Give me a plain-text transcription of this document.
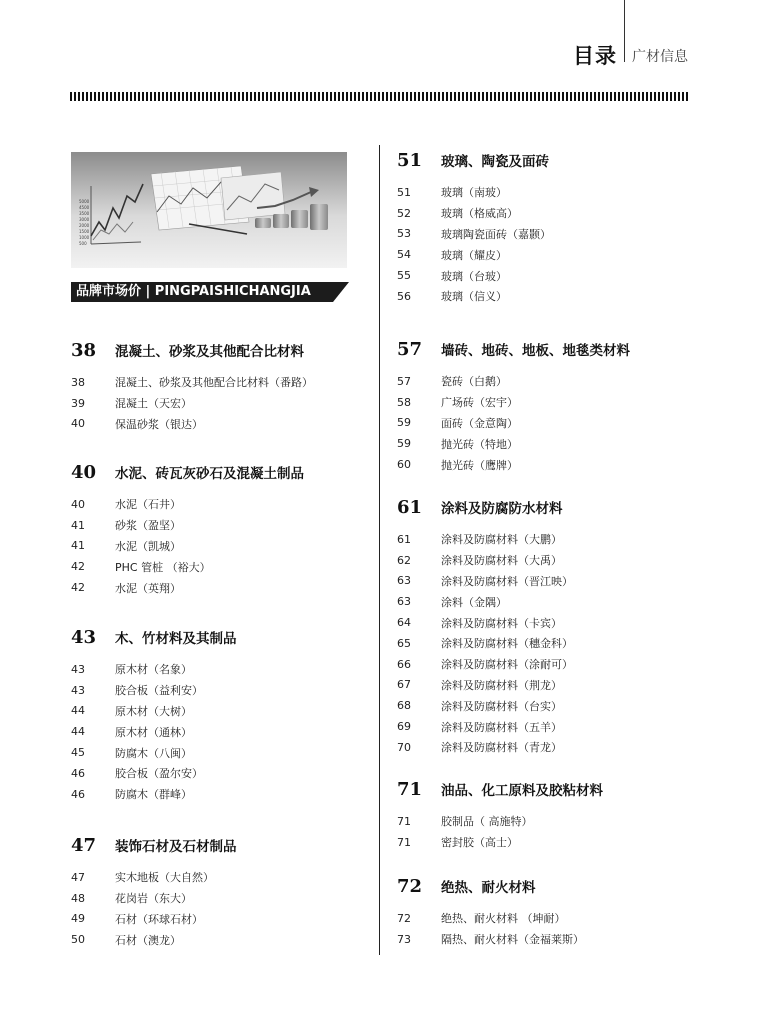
目录 广材信息
5000
4500
3500
3000
2000
1500
1000
500
品牌市场价 | PINGPAISHICHANGJIA
38	混凝土、砂浆及其他配合比材料
38	混凝土、砂浆及其他配合比材料（番路）
39	混凝土（天宏）
40	保温砂浆（银达）
40	水泥、砖瓦灰砂石及混凝土制品
40	水泥（石井）
41	砂浆（盈坚）
41	水泥（凯城）
42	PHC 管桩 （裕大）
42	水泥（英翔）
43	木、竹材料及其制品
43	原木材（名象）
43	胶合板（益利安）
44	原木材（大树）
44	原木材（通林）
45	防腐木（八闽）
46	胶合板（盈尔安）
46	防腐木（群峰）
47	装饰石材及石材制品
47	实木地板（大自然）
48	花岗岩（东大）
49	石材（环球石材）
50	石材（澳龙）
51	玻璃、陶瓷及面砖
51	玻璃（南玻）
52	玻璃（格威高）
53	玻璃陶瓷面砖（嘉颢）
54	玻璃（耀皮）
55	玻璃（台玻）
56	玻璃（信义）
57	墙砖、地砖、地板、地毯类材料
57	瓷砖（白鹅）
58	广场砖（宏宇）
59	面砖（金意陶）
59	抛光砖（特地）
60	抛光砖（鹰牌）
61	涂料及防腐防水材料
61	涂料及防腐材料（大鹏）
62	涂料及防腐材料（大禹）
63	涂料及防腐材料（晋江映）
63	涂料（金隅）
64	涂料及防腐材料（卡宾）
65	涂料及防腐材料（穗金科）
66	涂料及防腐材料（涂耐可）
67	涂料及防腐材料（荆龙）
68	涂料及防腐材料（台实）
69	涂料及防腐材料（五羊）
70	涂料及防腐材料（青龙）
71	油品、化工原料及胶粘材料
71	胶制品（ 高施特）
71	密封胶（高士）
72	绝热、耐火材料
72	绝热、耐火材料 （坤耐）
73	隔热、耐火材料（金福莱斯）
